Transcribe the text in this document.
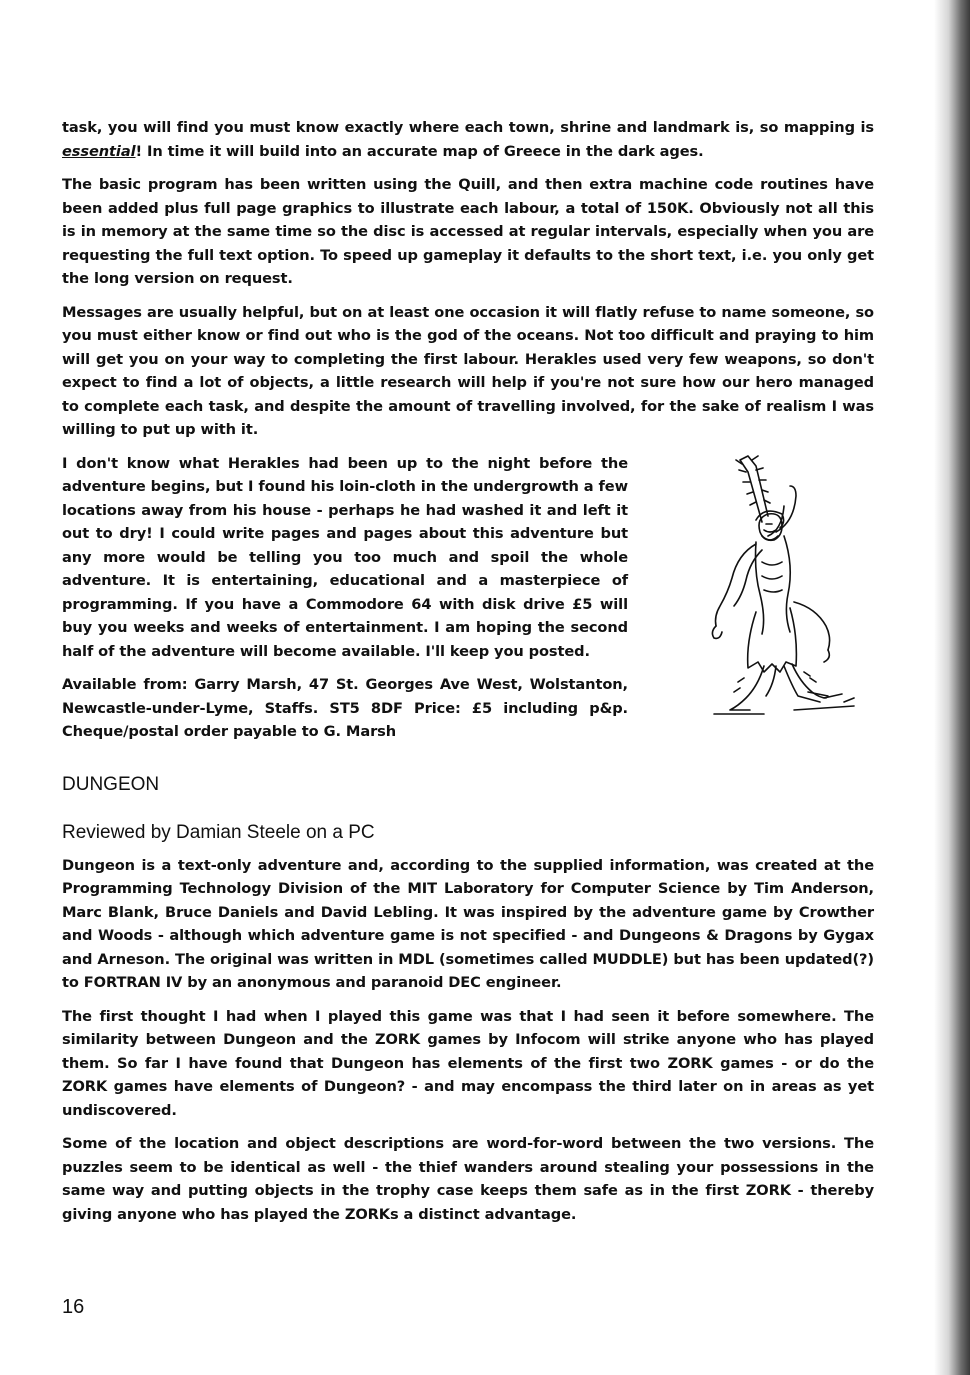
task, you will find you must know exactly where each town, shrine and landmark is, so mapping is essential! In time it will build into an accurate map of Greece in the dark ages.

The basic program has been written using the Quill, and then extra machine code routines have been added plus full page graphics to illustrate each labour, a total of 150K. Obviously not all this is in memory at the same time so the disc is accessed at regular intervals, especially when you are requesting the full text option. To speed up gameplay it defaults to the short text, i.e. you only get the long version on request.

Messages are usually helpful, but on at least one occasion it will flatly refuse to name someone, so you must either know or find out who is the god of the oceans. Not too difficult and praying to him will get you on your way to completing the first labour. Herakles used very few weapons, so don't expect to find a lot of objects, a little research will help if you're not sure how our hero managed to complete each task, and despite the amount of travelling involved, for the sake of realism I was willing to put up with it.

I don't know what Herakles had been up to the night before the adventure begins, but I found his loin-cloth in the undergrowth a few locations away from his house - perhaps he had washed it and left it out to dry! I could write pages and pages about this adventure but any more would be telling you too much and spoil the whole adventure. It is entertaining, educational and a masterpiece of programming. If you have a Commodore 64 with disk drive £5 will buy you weeks and weeks of entertainment. I am hoping the second half of the adventure will become available. I'll keep you posted.

Available from: Garry Marsh, 47 St. Georges Ave West, Wolstanton, Newcastle-under-Lyme, Staffs. ST5 8DF Price: £5 including p&p. Cheque/postal order payable to G. Marsh

DUNGEON
Reviewed by Damian Steele on a PC

Dungeon is a text-only adventure and, according to the supplied information, was created at the Programming Technology Division of the MIT Laboratory for Computer Science by Tim Anderson, Marc Blank, Bruce Daniels and David Lebling. It was inspired by the adventure game by Crowther and Woods - although which adventure game is not specified - and Dungeons & Dragons by Gygax and Arneson. The original was written in MDL (sometimes called MUDDLE) but has been updated(?) to FORTRAN IV by an anonymous and paranoid DEC engineer.

The first thought I had when I played this game was that I had seen it before somewhere. The similarity between Dungeon and the ZORK games by Infocom will strike anyone who has played them. So far I have found that Dungeon has elements of the first two ZORK games - or do the ZORK games have elements of Dungeon? - and may encompass the third later on in areas as yet undiscovered.

Some of the location and object descriptions are word-for-word between the two versions. The puzzles seem to be identical as well - the thief wanders around stealing your possessions in the same way and putting objects in the trophy case keeps them safe as in the first ZORK - thereby giving anyone who has played the ZORKs a distinct advantage.

16
